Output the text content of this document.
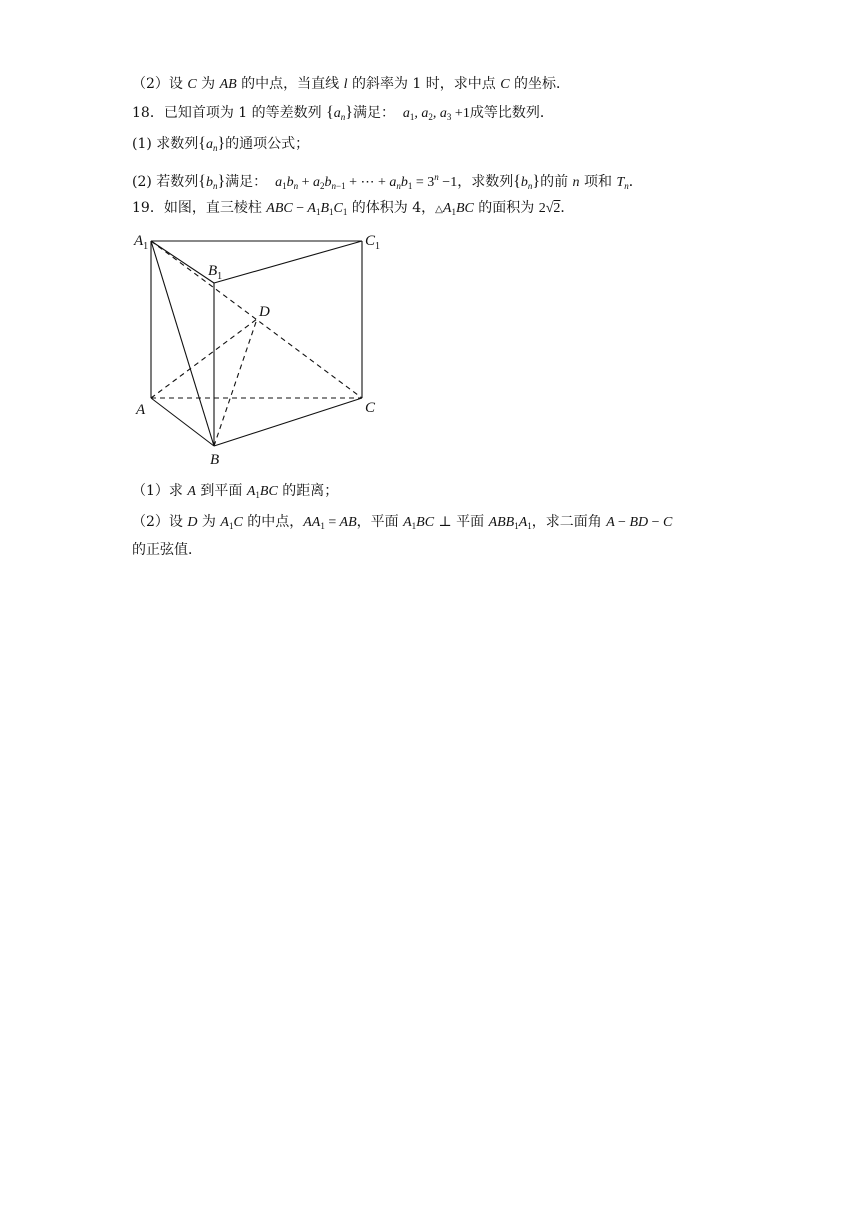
（2）设 C 为 AB 的中点，当直线 l 的斜率为 1 时，求中点 C 的坐标．
18．已知首项为 1 的等差数列 $\{a_n\}$满足：  $a_1$, $a_2$, $a_3 +1$成等比数列．
(1) 求数列$\{a_n\}$的通项公式；
(2) 若数列$\{b_n\}$满足：  $a_1b_n + a_2b_{n-1}$ + ⋯ + $a_nb_1 = 3^n -1$，求数列$\{b_n\}$的前 n 项和 $T_n$．
19．如图，直三棱柱 ABC − $A_1B_1C_1$ 的体积为 4，$\triangle A_1BC$ 的面积为 2√2．
$A_1$
$B_1$
$C_1$
D
A
B
C
（1）求 A 到平面 $A_1BC$ 的距离；
（2）设 D 为 $A_1C$ 的中点，$AA_1$ = AB，平面 $A_1BC$ ⊥ 平面 $ABB_1A_1$，求二面角 A − BD − C
的正弦值．
